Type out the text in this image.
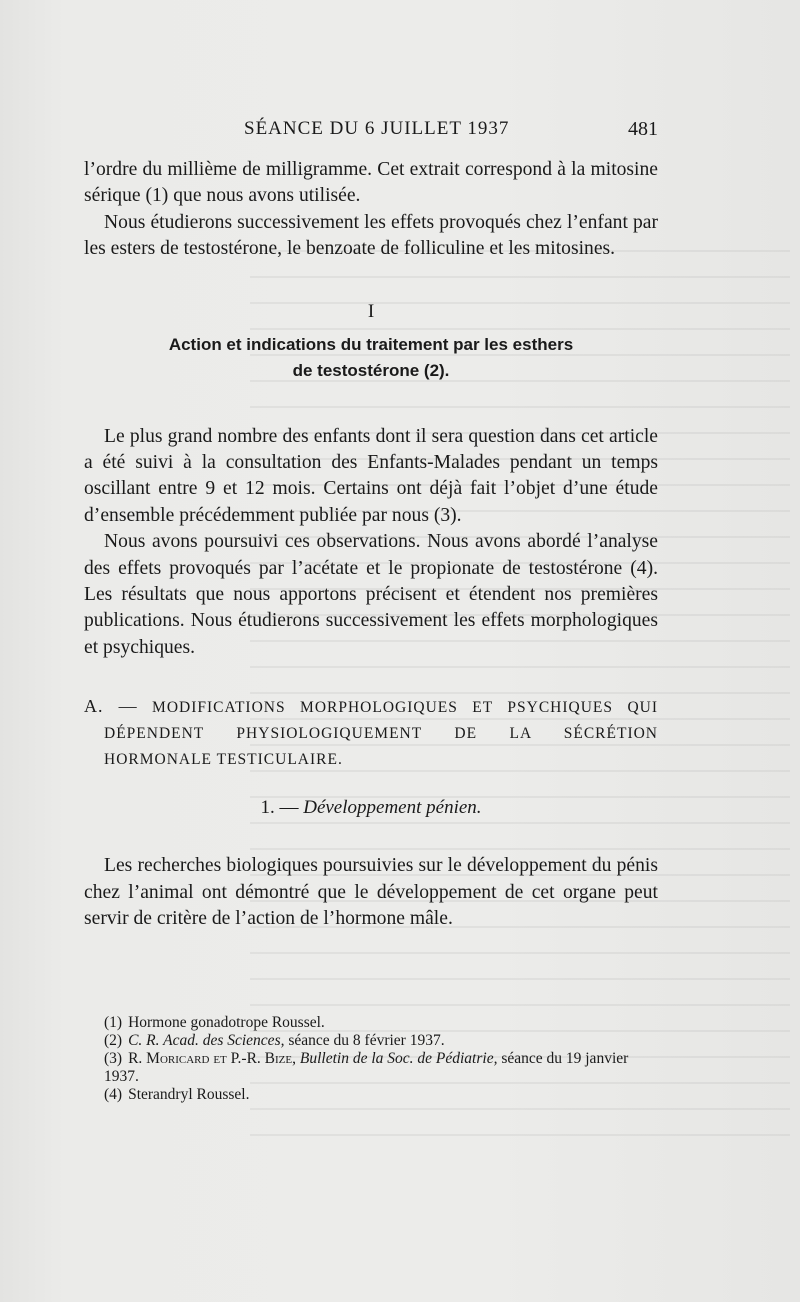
SÉANCE DU 6 JUILLET 1937	481

l’ordre du millième de milligramme. Cet extrait correspond à la mitosine sérique (1) que nous avons utilisée.

Nous étudierons successivement les effets provoqués chez l’enfant par les esters de testostérone, le benzoate de folliculine et les mitosines.

I
Action et indications du traitement par les esthers
de testostérone (2).

Le plus grand nombre des enfants dont il sera question dans cet article a été suivi à la consultation des Enfants-Malades pendant un temps oscillant entre 9 et 12 mois. Certains ont déjà fait l’objet d’une étude d’ensemble précédemment publiée par nous (3).

Nous avons poursuivi ces observations. Nous avons abordé l’analyse des effets provoqués par l’acétate et le propionate de testostérone (4). Les résultats que nous apportons précisent et étendent nos premières publications. Nous étudierons successivement les effets morphologiques et psychiques.

A. — MODIFICATIONS MORPHOLOGIQUES ET PSYCHIQUES QUI DÉPENDENT PHYSIOLOGIQUEMENT DE LA SÉCRÉTION HORMONALE TESTICULAIRE.
1. — Développement pénien.

Les recherches biologiques poursuivies sur le développement du pénis chez l’animal ont démontré que le développement de cet organe peut servir de critère de l’action de l’hormone mâle.

(1) Hormone gonadotrope Roussel.

(2) C. R. Acad. des Sciences, séance du 8 février 1937.

(3) R. Moricard et P.-R. Bize, Bulletin de la Soc. de Pédiatrie, séance du 19 janvier 1937.

(4) Sterandryl Roussel.
